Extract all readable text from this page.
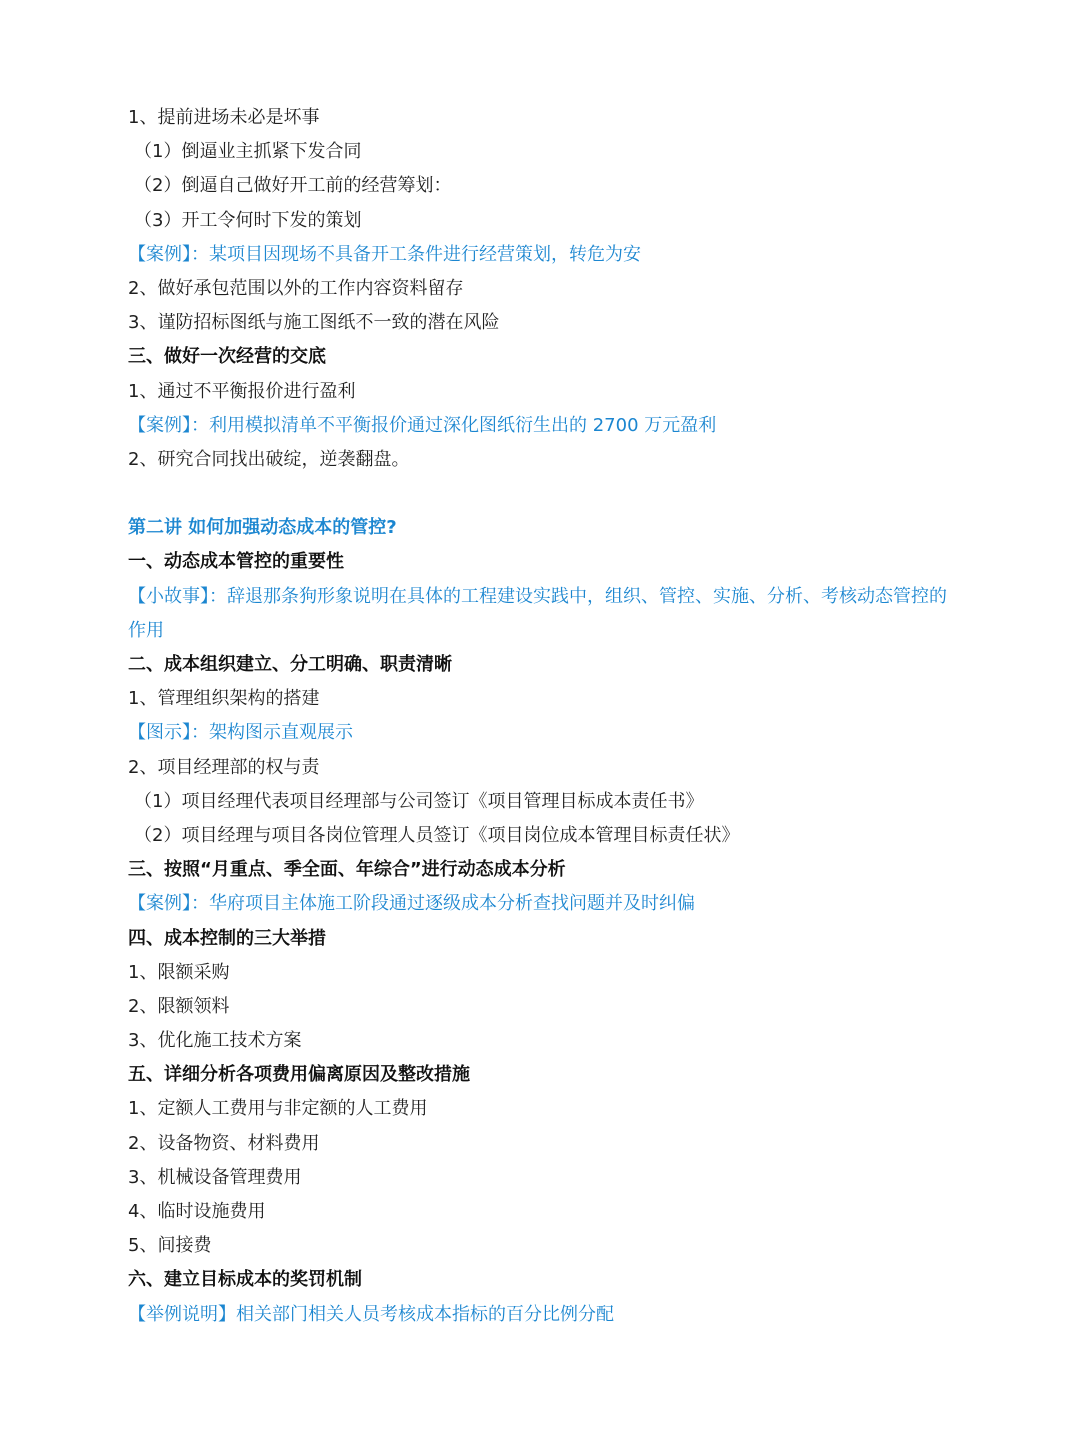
1、提前进场未必是坏事
（1）倒逼业主抓紧下发合同
（2）倒逼自己做好开工前的经营筹划：
（3）开工令何时下发的策划
【案例】：某项目因现场不具备开工条件进行经营策划，转危为安
2、做好承包范围以外的工作内容资料留存
3、谨防招标图纸与施工图纸不一致的潜在风险
三、做好一次经营的交底
1、通过不平衡报价进行盈利
【案例】：利用模拟清单不平衡报价通过深化图纸衍生出的 2700 万元盈利
2、研究合同找出破绽，逆袭翻盘。
第二讲 如何加强动态成本的管控?
一、动态成本管控的重要性
【小故事】：辞退那条狗形象说明在具体的工程建设实践中，组织、管控、实施、分析、考核动态管控的作用
二、成本组织建立、分工明确、职责清晰
1、管理组织架构的搭建
【图示】：架构图示直观展示
2、项目经理部的权与责
（1）项目经理代表项目经理部与公司签订《项目管理目标成本责任书》
（2）项目经理与项目各岗位管理人员签订《项目岗位成本管理目标责任状》
三、按照“月重点、季全面、年综合”进行动态成本分析
【案例】：华府项目主体施工阶段通过逐级成本分析查找问题并及时纠偏
四、成本控制的三大举措
1、限额采购
2、限额领料
3、优化施工技术方案
五、详细分析各项费用偏离原因及整改措施
1、定额人工费用与非定额的人工费用
2、设备物资、材料费用
3、机械设备管理费用
4、临时设施费用
5、间接费
六、建立目标成本的奖罚机制
【举例说明】相关部门相关人员考核成本指标的百分比例分配
